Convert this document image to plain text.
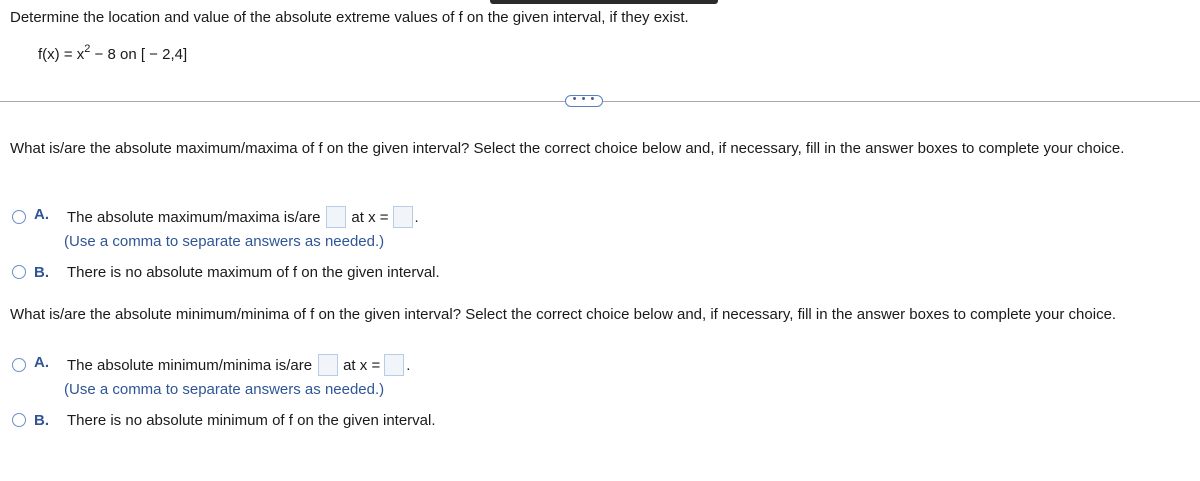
Determine the location and value of the absolute extreme values of f on the given interval, if they exist.
$f(x) = x^2 - 8$ on [ − 2,4]
• • •
What is/are the absolute maximum/maxima of f on the given interval? Select the correct choice below and, if necessary, fill in the answer boxes to complete your choice.
A.	The absolute maximum/maxima is/are at x = .
(Use a comma to separate answers as needed.)
B.	There is no absolute maximum of f on the given interval.
What is/are the absolute minimum/minima of f on the given interval? Select the correct choice below and, if necessary, fill in the answer boxes to complete your choice.
A.	The absolute minimum/minima is/are at x = .
(Use a comma to separate answers as needed.)
B.	There is no absolute minimum of f on the given interval.
